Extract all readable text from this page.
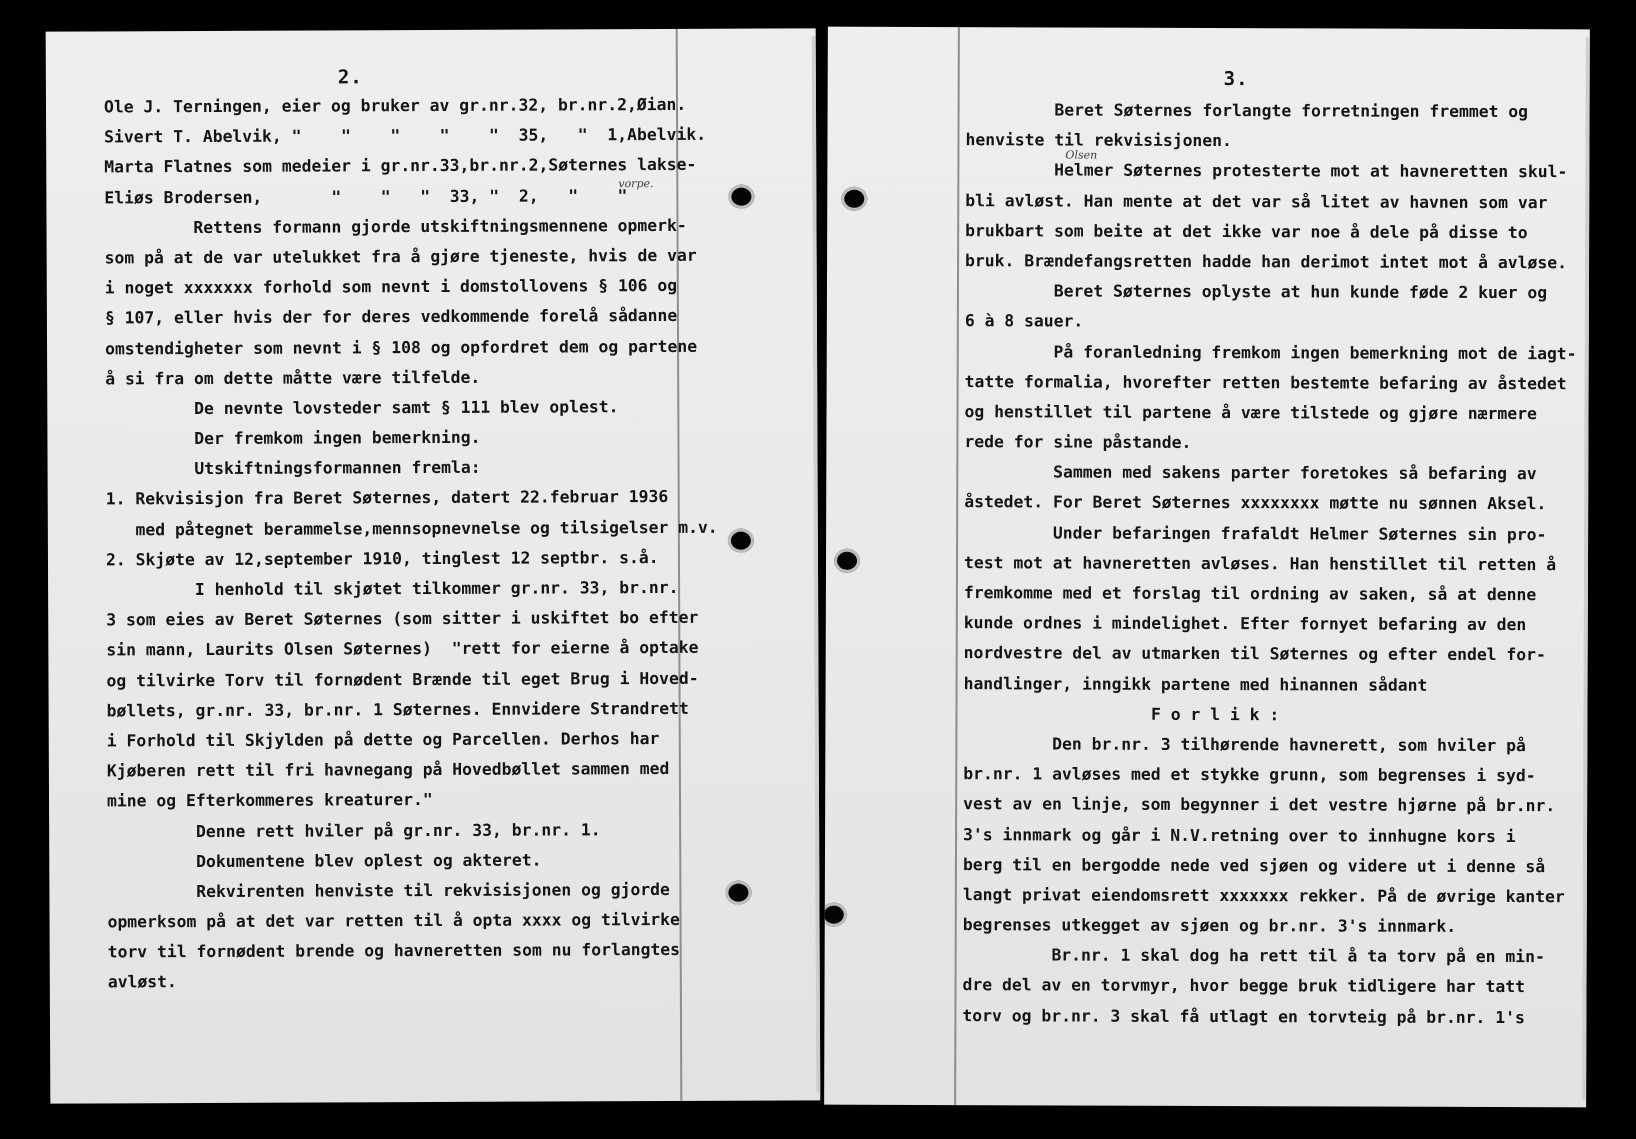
2.
Ole J. Terningen, eier og bruker av gr.nr.32, br.nr.2,Øian.
Sivert T. Abelvik, "    "    "    "    "  35,   "  1,Abelvik.
Marta Flatnes som medeier i gr.nr.33,br.nr.2,Søternes lakse-
Eliøs Brodersen,       "    "   "  33, "  2,   "    "
Rettens formann gjorde utskiftningsmennene opmerk-
som på at de var utelukket fra å gjøre tjeneste, hvis de var
i noget xxxxxxx forhold som nevnt i domstollovens § 106 og
§ 107, eller hvis der for deres vedkommende forelå sådanne
omstendigheter som nevnt i § 108 og opfordret dem og partene
å si fra om dette måtte være tilfelde.
De nevnte lovsteder samt § 111 blev oplest.
Der fremkom ingen bemerkning.
Utskiftningsformannen fremla:
1. Rekvisisjon fra Beret Søternes, datert 22.februar 1936
med påtegnet berammelse,mennsopnevnelse og tilsigelser m.v.
2. Skjøte av 12,september 1910, tinglest 12 septbr. s.å.
I henhold til skjøtet tilkommer gr.nr. 33, br.nr.
3 som eies av Beret Søternes (som sitter i uskiftet bo efter
sin mann, Laurits Olsen Søternes)  "rett for eierne å optake
og tilvirke Torv til fornødent Brænde til eget Brug i Hoved-
bøllets, gr.nr. 33, br.nr. 1 Søternes. Ennvidere Strandrett
i Forhold til Skjylden på dette og Parcellen. Derhos har
Kjøberen rett til fri havnegang på Hovedbøllet sammen med
mine og Efterkommeres kreaturer."
Denne rett hviler på gr.nr. 33, br.nr. 1.
Dokumentene blev oplest og akteret.
Rekvirenten henviste til rekvisisjonen og gjorde
opmerksom på at det var retten til å opta xxxx og tilvirke
torv til fornødent brende og havneretten som nu forlangtes
avløst.
vorpe.
3.
Beret Søternes forlangte forretningen fremmet og
henviste til rekvisisjonen.
Helmer Søternes protesterte mot at havneretten skul-
bli avløst. Han mente at det var så litet av havnen som var
brukbart som beite at det ikke var noe å dele på disse to
bruk. Brændefangsretten hadde han derimot intet mot å avløse.
Beret Søternes oplyste at hun kunde føde 2 kuer og
6 à 8 sauer.
På foranledning fremkom ingen bemerkning mot de iagt-
tatte formalia, hvorefter retten bestemte befaring av åstedet
og henstillet til partene å være tilstede og gjøre nærmere
rede for sine påstande.
Sammen med sakens parter foretokes så befaring av
åstedet. For Beret Søternes xxxxxxxx møtte nu sønnen Aksel.
Under befaringen frafaldt Helmer Søternes sin pro-
test mot at havneretten avløses. Han henstillet til retten å
fremkomme med et forslag til ordning av saken, så at denne
kunde ordnes i mindelighet. Efter fornyet befaring av den
nordvestre del av utmarken til Søternes og efter endel for-
handlinger, inngikk partene med hinannen sådant
F o r l i k :
Den br.nr. 3 tilhørende havnerett, som hviler på
br.nr. 1 avløses med et stykke grunn, som begrenses i syd-
vest av en linje, som begynner i det vestre hjørne på br.nr.
3's innmark og går i N.V.retning over to innhugne kors i
berg til en bergodde nede ved sjøen og videre ut i denne så
langt privat eiendomsrett xxxxxxx rekker. På de øvrige kanter
begrenses utkegget av sjøen og br.nr. 3's innmark.
Br.nr. 1 skal dog ha rett til å ta torv på en min-
dre del av en torvmyr, hvor begge bruk tidligere har tatt
torv og br.nr. 3 skal få utlagt en torvteig på br.nr. 1's
Olsen
